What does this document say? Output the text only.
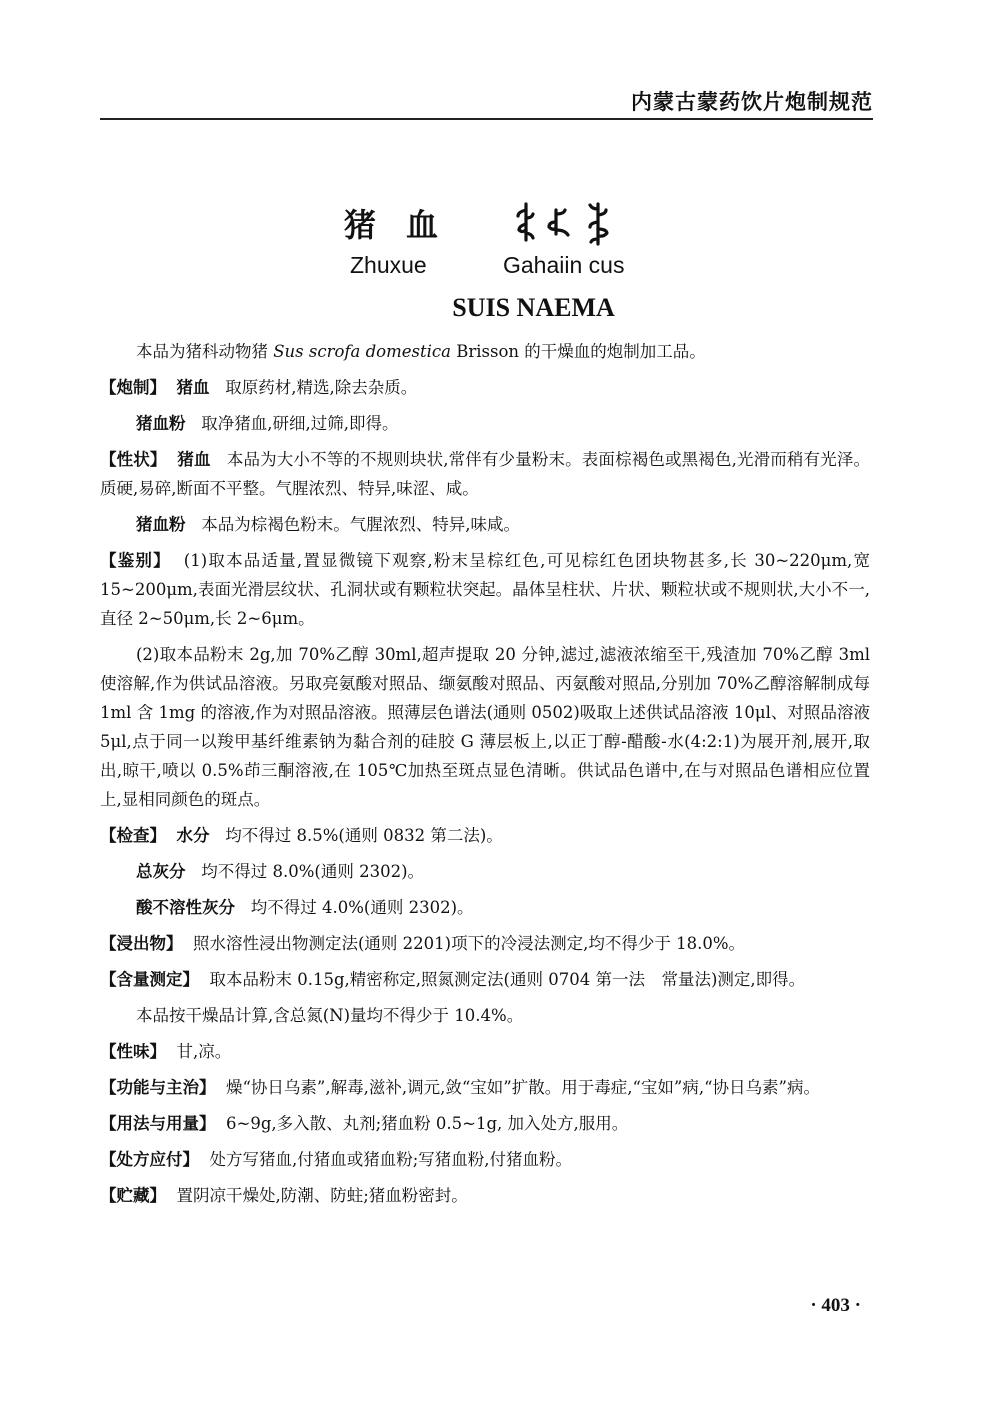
内蒙古蒙药饮片炮制规范
猪血
Zhuxue	Gahaiin cus
SUIS NAEMA

本品为猪科动物猪 Sus scrofa domestica Brisson 的干燥血的炮制加工品。

【炮制】 猪血 取原药材,精选,除去杂质。

猪血粉 取净猪血,研细,过筛,即得。

【性状】 猪血 本品为大小不等的不规则块状,常伴有少量粉末。表面棕褐色或黑褐色,光滑而稍有光泽。质硬,易碎,断面不平整。气腥浓烈、特异,味涩、咸。

猪血粉 本品为棕褐色粉末。气腥浓烈、特异,味咸。

【鉴别】 (1)取本品适量,置显微镜下观察,粉末呈棕红色,可见棕红色团块物甚多,长 30~220μm,宽 15~200μm,表面光滑层纹状、孔洞状或有颗粒状突起。晶体呈柱状、片状、颗粒状或不规则状,大小不一,直径 2~50μm,长 2~6μm。

(2)取本品粉末 2g,加 70%乙醇 30ml,超声提取 20 分钟,滤过,滤液浓缩至干,残渣加 70%乙醇 3ml 使溶解,作为供试品溶液。另取亮氨酸对照品、缬氨酸对照品、丙氨酸对照品,分别加 70%乙醇溶解制成每 1ml 含 1mg 的溶液,作为对照品溶液。照薄层色谱法(通则 0502)吸取上述供试品溶液 10μl、对照品溶液 5μl,点于同一以羧甲基纤维素钠为黏合剂的硅胶 G 薄层板上,以正丁醇-醋酸-水(4:2:1)为展开剂,展开,取出,晾干,喷以 0.5%茚三酮溶液,在 105℃加热至斑点显色清晰。供试品色谱中,在与对照品色谱相应位置上,显相同颜色的斑点。

【检查】 水分 均不得过 8.5%(通则 0832 第二法)。

总灰分 均不得过 8.0%(通则 2302)。

酸不溶性灰分 均不得过 4.0%(通则 2302)。

【浸出物】 照水溶性浸出物测定法(通则 2201)项下的冷浸法测定,均不得少于 18.0%。

【含量测定】 取本品粉末 0.15g,精密称定,照氮测定法(通则 0704 第一法　常量法)测定,即得。

本品按干燥品计算,含总氮(N)量均不得少于 10.4%。

【性味】 甘,凉。

【功能与主治】 燥“协日乌素”,解毒,滋补,调元,敛“宝如”扩散。用于毒症,“宝如”病,“协日乌素”病。

【用法与用量】 6~9g,多入散、丸剂;猪血粉 0.5~1g, 加入处方,服用。

【处方应付】 处方写猪血,付猪血或猪血粉;写猪血粉,付猪血粉。

【贮藏】 置阴凉干燥处,防潮、防蛀;猪血粉密封。

· 403 ·
